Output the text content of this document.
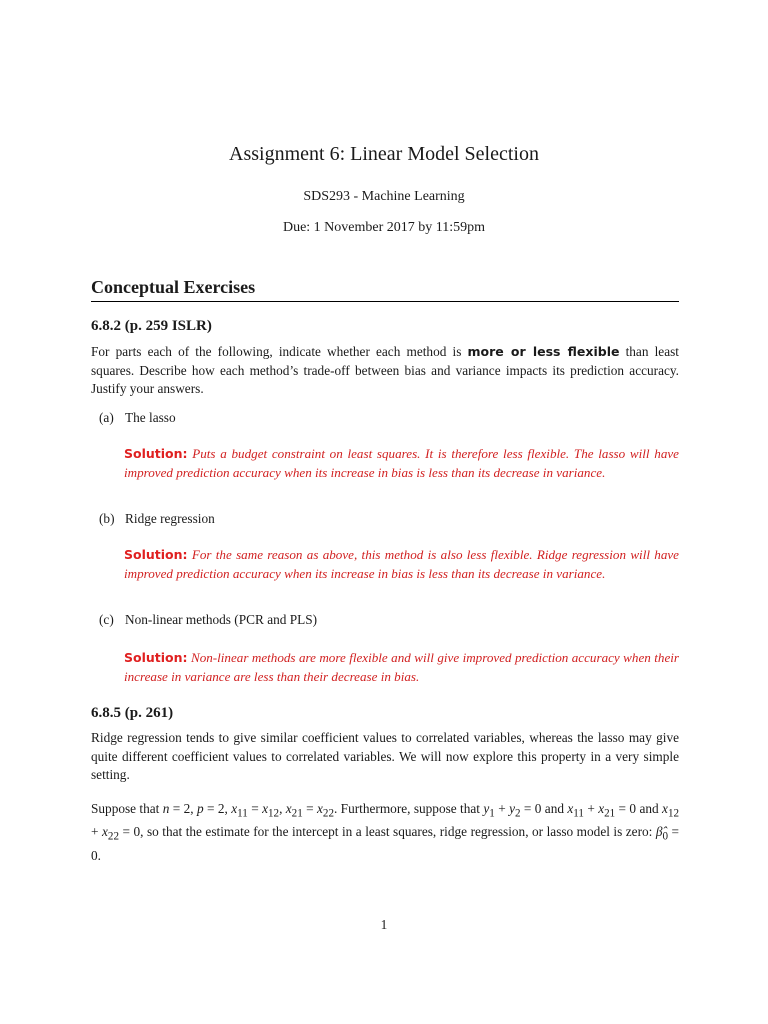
Assignment 6: Linear Model Selection
SDS293 - Machine Learning
Due: 1 November 2017 by 11:59pm
Conceptual Exercises
6.8.2 (p. 259 ISLR)
For parts each of the following, indicate whether each method is more or less flexible than least squares. Describe how each method’s trade-off between bias and variance impacts its prediction accuracy. Justify your answers.
(a) The lasso
Solution: Puts a budget constraint on least squares. It is therefore less flexible. The lasso will have improved prediction accuracy when its increase in bias is less than its decrease in variance.
(b) Ridge regression
Solution: For the same reason as above, this method is also less flexible. Ridge regression will have improved prediction accuracy when its increase in bias is less than its decrease in variance.
(c) Non-linear methods (PCR and PLS)
Solution: Non-linear methods are more flexible and will give improved prediction accuracy when their increase in variance are less than their decrease in bias.
6.8.5 (p. 261)
Ridge regression tends to give similar coefficient values to correlated variables, whereas the lasso may give quite different coefficient values to correlated variables. We will now explore this property in a very simple setting.
Suppose that n = 2, p = 2, $x_{11} = x_{12}$, $x_{21} = x_{22}$. Furthermore, suppose that $y_1 + y_2 = 0$ and $x_{11} + x_{21} = 0$ and $x_{12} + x_{22} = 0$, so that the estimate for the intercept in a least squares, ridge regression, or lasso model is zero: $\betâ_0 = 0$.
1
